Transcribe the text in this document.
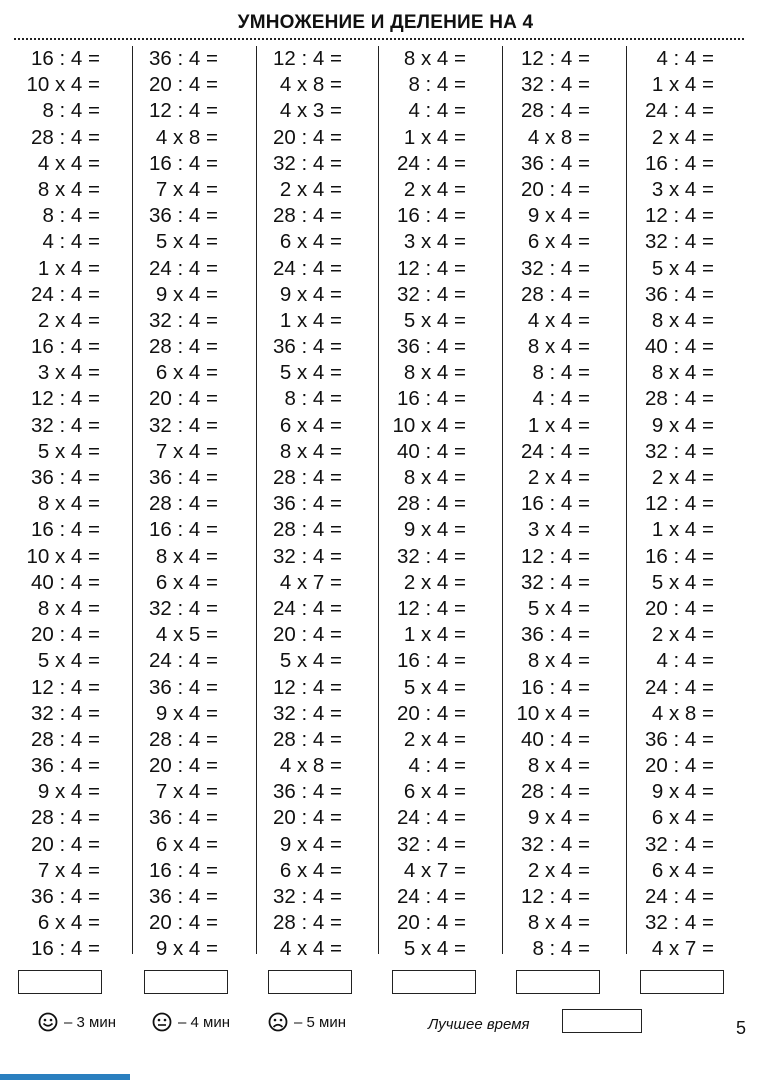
УМНОЖЕНИЕ И ДЕЛЕНИЕ НА 4
16 : 4 =
10 x 4 =
8 : 4 =
28 : 4 =
4 x 4 =
8 x 4 =
8 : 4 =
4 : 4 =
1 x 4 =
24 : 4 =
2 x 4 =
16 : 4 =
3 x 4 =
12 : 4 =
32 : 4 =
5 x 4 =
36 : 4 =
8 x 4 =
16 : 4 =
10 x 4 =
40 : 4 =
8 x 4 =
20 : 4 =
5 x 4 =
12 : 4 =
32 : 4 =
28 : 4 =
36 : 4 =
9 x 4 =
28 : 4 =
20 : 4 =
7 x 4 =
36 : 4 =
6 x 4 =
16 : 4 =
36 : 4 =
20 : 4 =
12 : 4 =
4 x 8 =
16 : 4 =
7 x 4 =
36 : 4 =
5 x 4 =
24 : 4 =
9 x 4 =
32 : 4 =
28 : 4 =
6 x 4 =
20 : 4 =
32 : 4 =
7 x 4 =
36 : 4 =
28 : 4 =
16 : 4 =
8 x 4 =
6 x 4 =
32 : 4 =
4 x 5 =
24 : 4 =
36 : 4 =
9 x 4 =
28 : 4 =
20 : 4 =
7 x 4 =
36 : 4 =
6 x 4 =
16 : 4 =
36 : 4 =
20 : 4 =
9 x 4 =
12 : 4 =
4 x 8 =
4 x 3 =
20 : 4 =
32 : 4 =
2 x 4 =
28 : 4 =
6 x 4 =
24 : 4 =
9 x 4 =
1 x 4 =
36 : 4 =
5 x 4 =
8 : 4 =
6 x 4 =
8 x 4 =
28 : 4 =
36 : 4 =
28 : 4 =
32 : 4 =
4 x 7 =
24 : 4 =
20 : 4 =
5 x 4 =
12 : 4 =
32 : 4 =
28 : 4 =
4 x 8 =
36 : 4 =
20 : 4 =
9 x 4 =
6 x 4 =
32 : 4 =
28 : 4 =
4 x 4 =
8 x 4 =
8 : 4 =
4 : 4 =
1 x 4 =
24 : 4 =
2 x 4 =
16 : 4 =
3 x 4 =
12 : 4 =
32 : 4 =
5 x 4 =
36 : 4 =
8 x 4 =
16 : 4 =
10 x 4 =
40 : 4 =
8 x 4 =
28 : 4 =
9 x 4 =
32 : 4 =
2 x 4 =
12 : 4 =
1 x 4 =
16 : 4 =
5 x 4 =
20 : 4 =
2 x 4 =
4 : 4 =
6 x 4 =
24 : 4 =
32 : 4 =
4 x 7 =
24 : 4 =
20 : 4 =
5 x 4 =
12 : 4 =
32 : 4 =
28 : 4 =
4 x 8 =
36 : 4 =
20 : 4 =
9 x 4 =
6 x 4 =
32 : 4 =
28 : 4 =
4 x 4 =
8 x 4 =
8 : 4 =
4 : 4 =
1 x 4 =
24 : 4 =
2 x 4 =
16 : 4 =
3 x 4 =
12 : 4 =
32 : 4 =
5 x 4 =
36 : 4 =
8 x 4 =
16 : 4 =
10 x 4 =
40 : 4 =
8 x 4 =
28 : 4 =
9 x 4 =
32 : 4 =
2 x 4 =
12 : 4 =
8 x 4 =
8 : 4 =
4 : 4 =
1 x 4 =
24 : 4 =
2 x 4 =
16 : 4 =
3 x 4 =
12 : 4 =
32 : 4 =
5 x 4 =
36 : 4 =
8 x 4 =
40 : 4 =
8 x 4 =
28 : 4 =
9 x 4 =
32 : 4 =
2 x 4 =
12 : 4 =
1 x 4 =
16 : 4 =
5 x 4 =
20 : 4 =
2 x 4 =
4 : 4 =
24 : 4 =
4 x 8 =
36 : 4 =
20 : 4 =
9 x 4 =
6 x 4 =
32 : 4 =
6 x 4 =
24 : 4 =
32 : 4 =
4 x 7 =
– 3 мин	– 4 мин	– 5 мин	Лучшее время	5
